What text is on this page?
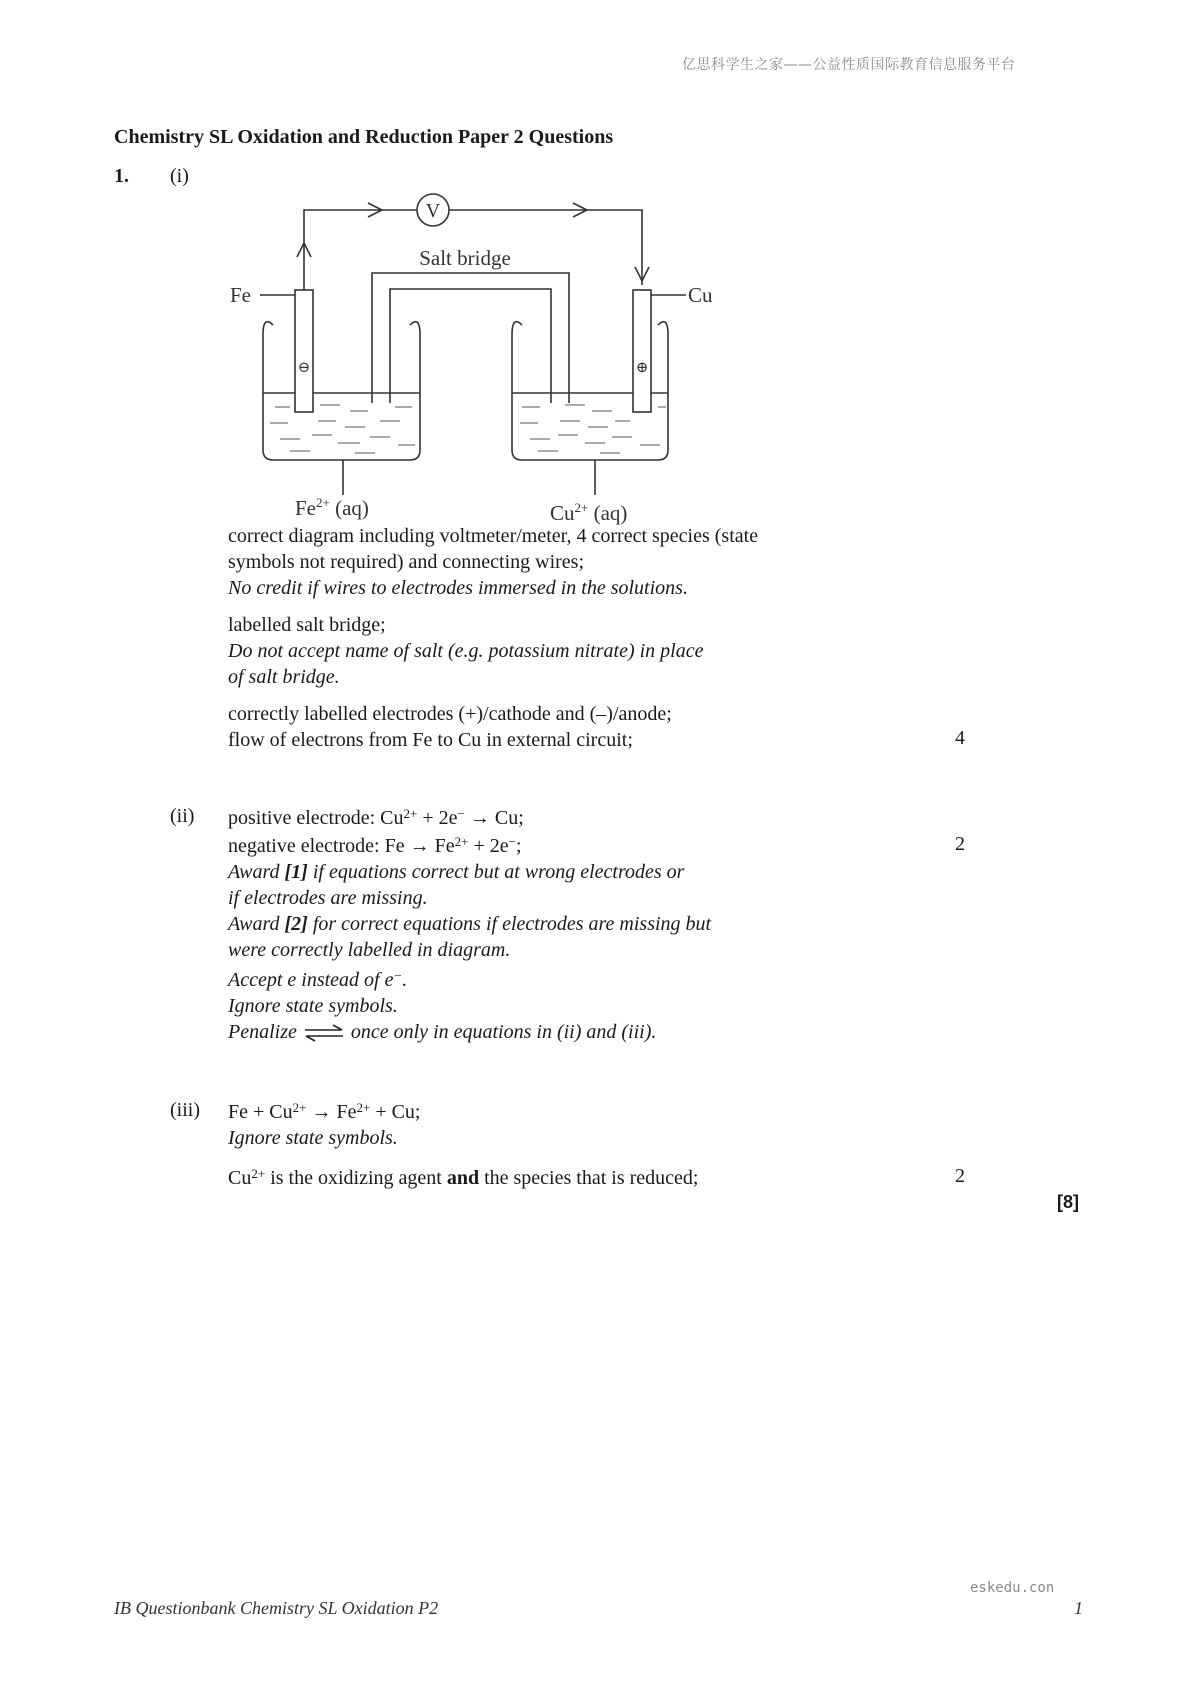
亿思科学生之家——公益性质国际教育信息服务平台
Chemistry SL Oxidation and Reduction Paper 2 Questions
1. (i)
V
Salt bridge
Fe	Cu
⊖	⊕
$Fe^{2+}$ (aq)	$Cu^{2+}$ (aq)
correct diagram including voltmeter/meter, 4 correct species (state
symbols not required) and connecting wires;
No credit if wires to electrodes immersed in the solutions.
labelled salt bridge;
Do not accept name of salt (e.g. potassium nitrate) in place
of salt bridge.
correctly labelled electrodes (+)/cathode and (–)/anode;
flow of electrons from Fe to Cu in external circuit;	4
(ii) positive electrode: $Cu^{2+} + 2e^- \to Cu$;
negative electrode: $Fe \to Fe^{2+} + 2e^-$;	2
Award [1] if equations correct but at wrong electrodes or
if electrodes are missing.
Award [2] for correct equations if electrodes are missing but
were correctly labelled in diagram.
Accept e instead of e−.
Ignore state symbols.
Penalize ⇌ once only in equations in (ii) and (iii).
(iii) $Fe + Cu^{2+} \to Fe^{2+} + Cu$;
Ignore state symbols.
$Cu^{2+}$ is the oxidizing agent and the species that is reduced;	2
[8]
eskedu.con
IB Questionbank Chemistry SL Oxidation P2	1
